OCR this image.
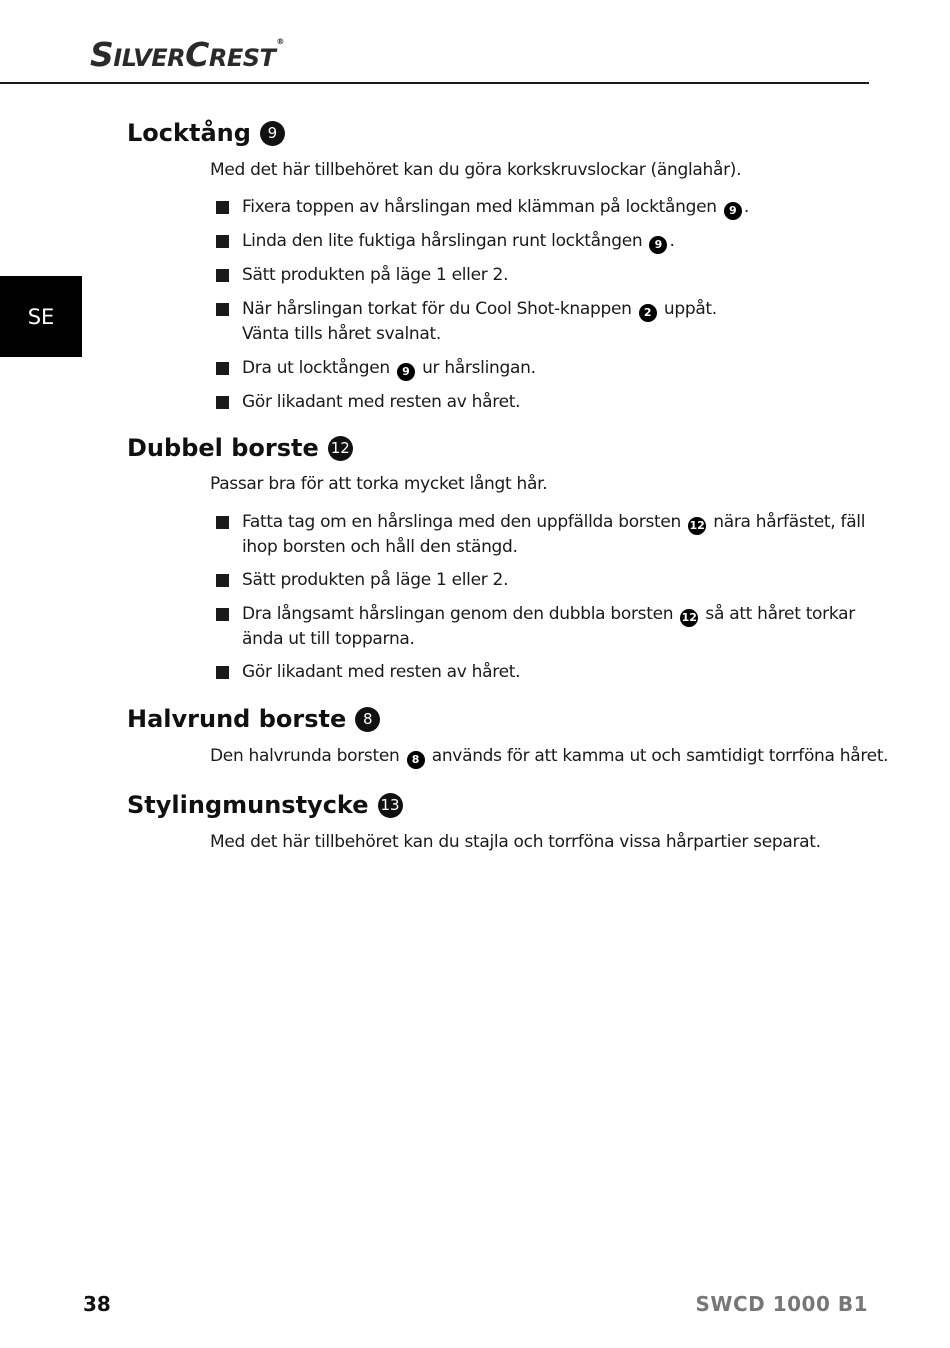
SILVERCREST®
SE
Locktång	9
Med det här tillbehöret kan du göra korkskruvslockar (änglahår).
Fixera toppen av hårslingan med klämman på locktången 9 .
Linda den lite fuktiga hårslingan runt locktången 9 .
Sätt produkten på läge 1 eller 2.
När hårslingan torkat för du Cool Shot-knappen 2 uppåt.
Vänta tills håret svalnat.
Dra ut locktången 9 ur hårslingan.
Gör likadant med resten av håret.
Dubbel borste 12
Passar bra för att torka mycket långt hår.
Fatta tag om en hårslinga med den uppfällda borsten 12 nära hårfästet, fäll
ihop borsten och håll den stängd.
Sätt produkten på läge 1 eller 2.
Dra långsamt hårslingan genom den dubbla borsten 12 så att håret torkar
ända ut till topparna.
Gör likadant med resten av håret.
Halvrund borste	8
Den halvrunda borsten 8 används för att kamma ut och samtidigt torrföna håret.
Stylingmunstycke 13
Med det här tillbehöret kan du stajla och torrföna vissa hårpartier separat.
38	SWCD 1000 B1
